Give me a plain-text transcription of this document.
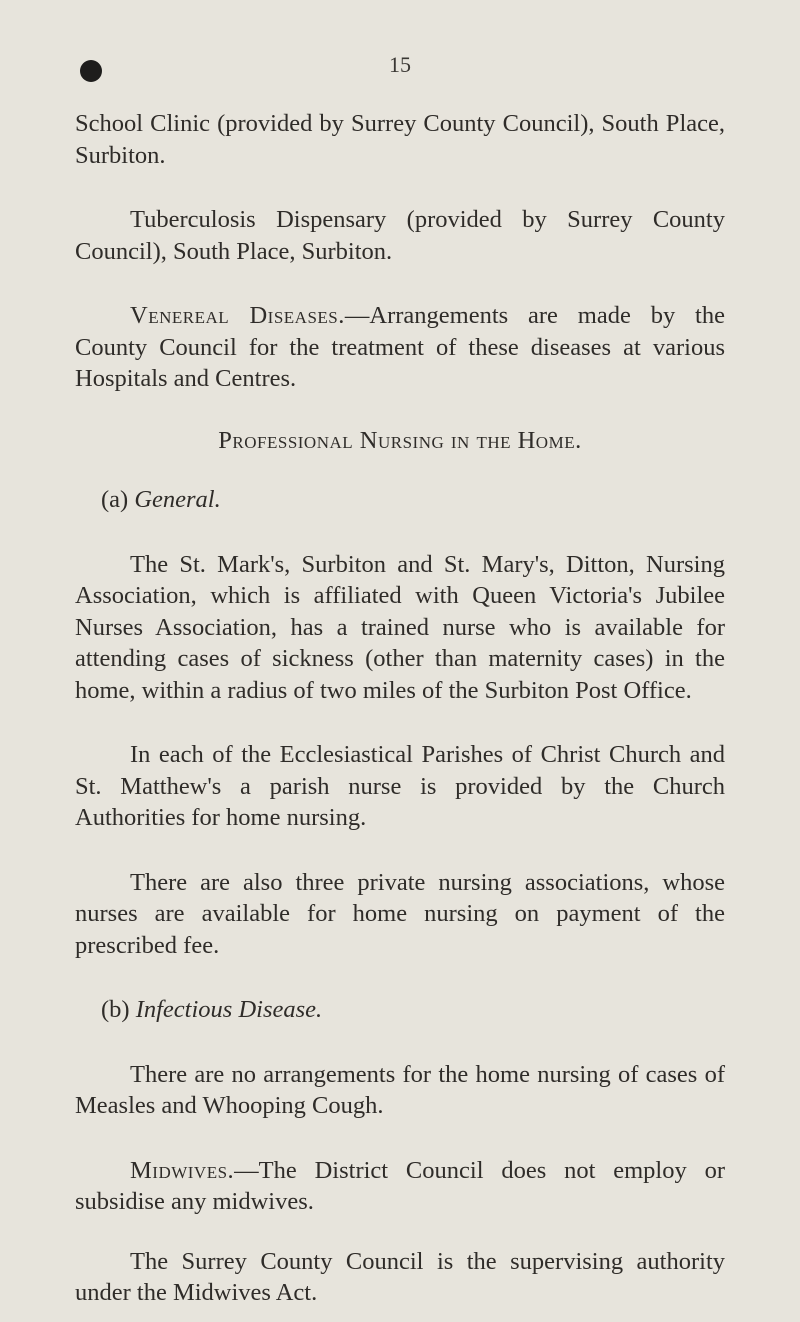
15

School Clinic (provided by Surrey County Council), South Place, Surbiton.

Tuberculosis Dispensary (provided by Surrey County Council), South Place, Surbiton.

Venereal Diseases.—Arrangements are made by the County Council for the treatment of these diseases at various Hospitals and Centres.

Professional Nursing in the Home.

(a) General.

The St. Mark's, Surbiton and St. Mary's, Ditton, Nursing Association, which is affiliated with Queen Victoria's Jubilee Nurses Association, has a trained nurse who is available for attending cases of sickness (other than maternity cases) in the home, within a radius of two miles of the Surbiton Post Office.

In each of the Ecclesiastical Parishes of Christ Church and St. Matthew's a parish nurse is provided by the Church Authorities for home nursing.

There are also three private nursing associations, whose nurses are available for home nursing on payment of the prescribed fee.

(b) Infectious Disease.

There are no arrangements for the home nursing of cases of Measles and Whooping Cough.

Midwives.—The District Council does not employ or subsidise any midwives.

The Surrey County Council is the supervising authority under the Midwives Act.
